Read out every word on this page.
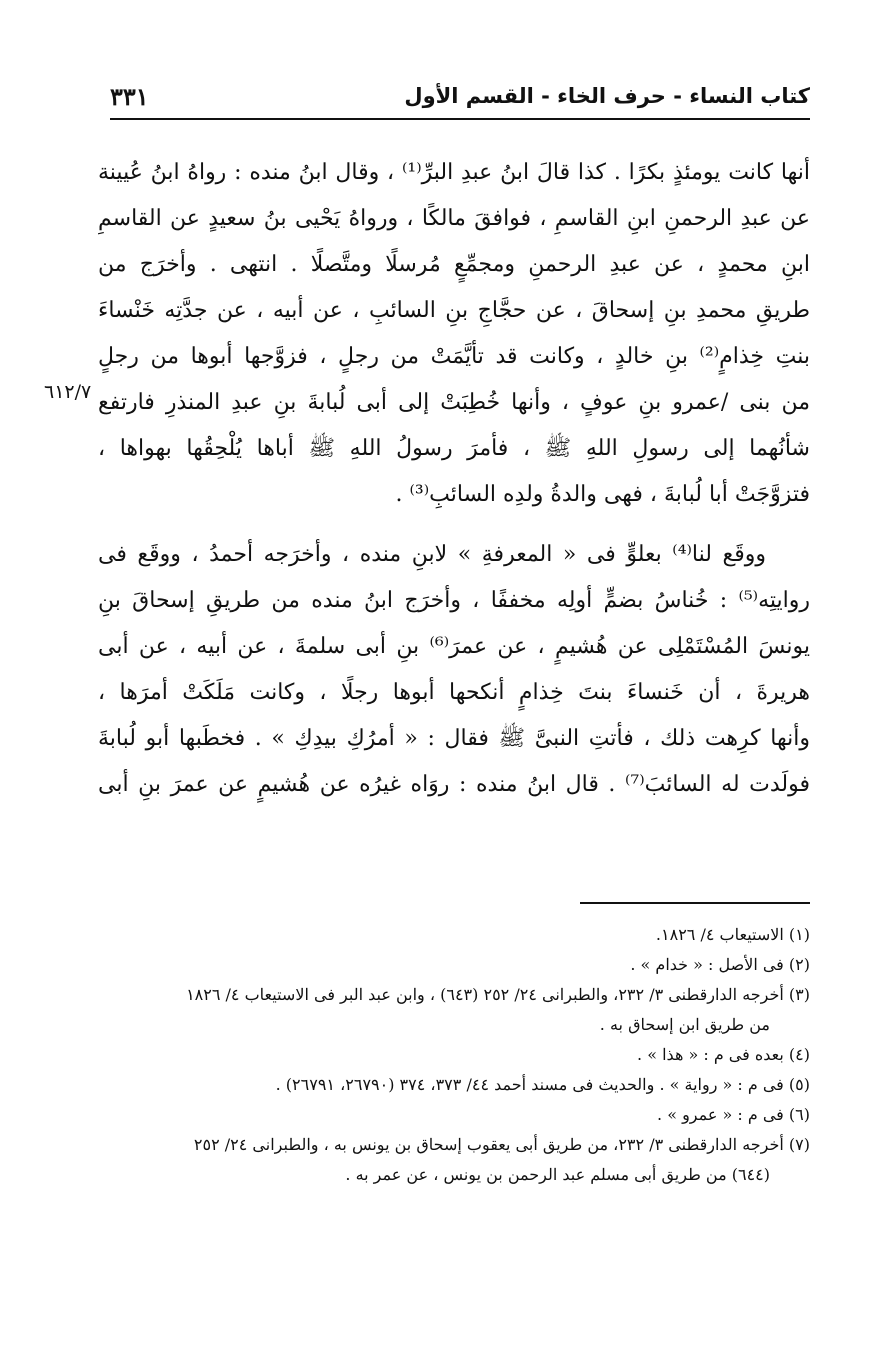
كتاب النساء - حرف الخاء - القسم الأول
٣٣١
٦١٢/٧
أنها كانت يومئذٍ بكرًا . كذا قالَ ابنُ عبدِ البرِّ⁽¹⁾ ، وقال ابنُ منده : رواهُ ابنُ عُيينة
عن عبدِ الرحمنِ ابنِ القاسمِ ، فوافقَ مالكًا ، ورواهُ يَحْيى بنُ سعيدٍ عن القاسمِ
ابنِ محمدٍ ، عن عبدِ الرحمنِ ومجمِّعٍ مُرسلًا ومتَّصلًا . انتهى . وأخرَج من
طريقِ محمدِ بنِ إسحاقَ ، عن حجَّاجِ بنِ السائبِ ، عن أبيه ، عن جدَّتِه خَنْساءَ
بنتِ خِذامٍ⁽²⁾ بنِ خالدٍ ، وكانت قد تأيَّمَتْ من رجلٍ ، فزوَّجها أبوها من رجلٍ
من بنى /عمرو بنِ عوفٍ ، وأنها خُطِبَتْ إلى أبى لُبابةَ بنِ عبدِ المنذرِ فارتفع
شأنُهما إلى رسولِ اللهِ ﷺ ، فأمرَ رسولُ اللهِ ﷺ أباها يُلْحِقُها بهواها ،
فتزوَّجَتْ أبا لُبابةَ ، فهى والدةُ ولدِه السائبِ⁽³⁾ .
ووقَع لنا⁽⁴⁾ بعلوٍّ فى « المعرفةِ » لابنِ منده ، وأخرَجه أحمدُ ، ووقَع فى
روايتِه⁽⁵⁾ : خُناسُ بضمٍّ أولِه مخففًا ، وأخرَج ابنُ منده من طريقِ إسحاقَ بنِ
يونسَ المُسْتَمْلِى عن هُشيمٍ ، عن عمرَ⁽⁶⁾ بنِ أبى سلمةَ ، عن أبيه ، عن أبى
هريرةَ ، أن خَنساءَ بنتَ خِذامٍ أنكحها أبوها رجلًا ، وكانت مَلَكَتْ أمرَها ،
وأنها كرِهت ذلك ، فأتتِ النبىَّ ﷺ فقال : « أمرُكِ بيدِكِ » . فخطَبها أبو لُبابةَ
فولَدت له السائبَ⁽⁷⁾ . قال ابنُ منده : روَاه غيرُه عن هُشيمٍ عن عمرَ بنِ أبى
(١) الاستيعاب ٤/ ١٨٢٦.
(٢) فى الأصل : « خدام » .
(٣) أخرجه الدارقطنى ٣/ ٢٣٢، والطبرانى ٢٤/ ٢٥٢ (٦٤٣) ، وابن عبد البر فى الاستيعاب ٤/ ١٨٢٦
من طريق ابن إسحاق به .
(٤) بعده فى م : « هذا » .
(٥) فى م : « رواية » . والحديث فى مسند أحمد ٤٤/ ٣٧٣، ٣٧٤ (٢٦٧٩٠، ٢٦٧٩١) .
(٦) فى م : « عمرو » .
(٧) أخرجه الدارقطنى ٣/ ٢٣٢، من طريق أبى يعقوب إسحاق بن يونس به ، والطبرانى ٢٤/ ٢٥٢
(٦٤٤) من طريق أبى مسلم عبد الرحمن بن يونس ، عن عمر به .
